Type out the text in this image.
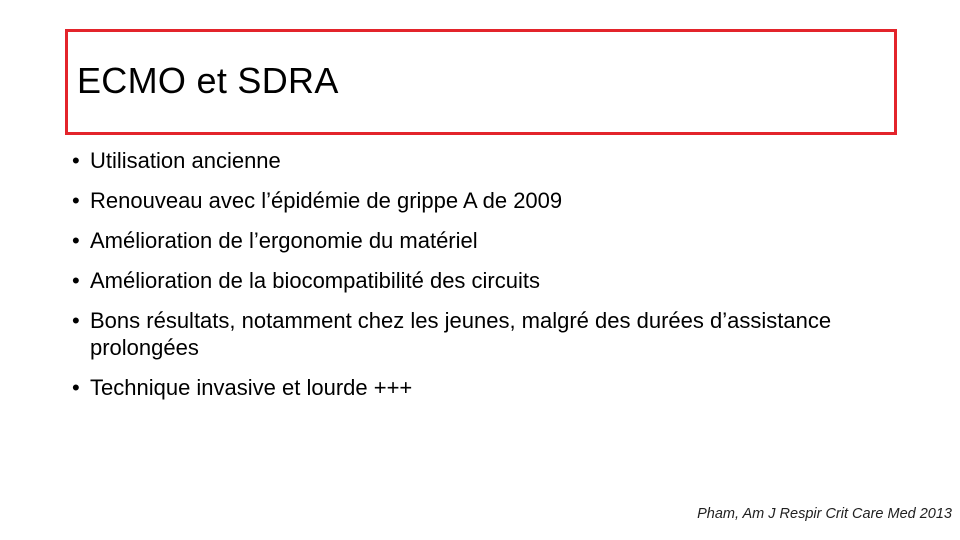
ECMO et SDRA
• Utilisation ancienne
• Renouveau avec l’épidémie de grippe A de 2009
• Amélioration de l’ergonomie du matériel
• Amélioration de la biocompatibilité des circuits
• Bons résultats, notamment chez les jeunes, malgré des durées d’assistance prolongées
• Technique invasive et lourde +++
Pham, Am J Respir Crit Care Med 2013
